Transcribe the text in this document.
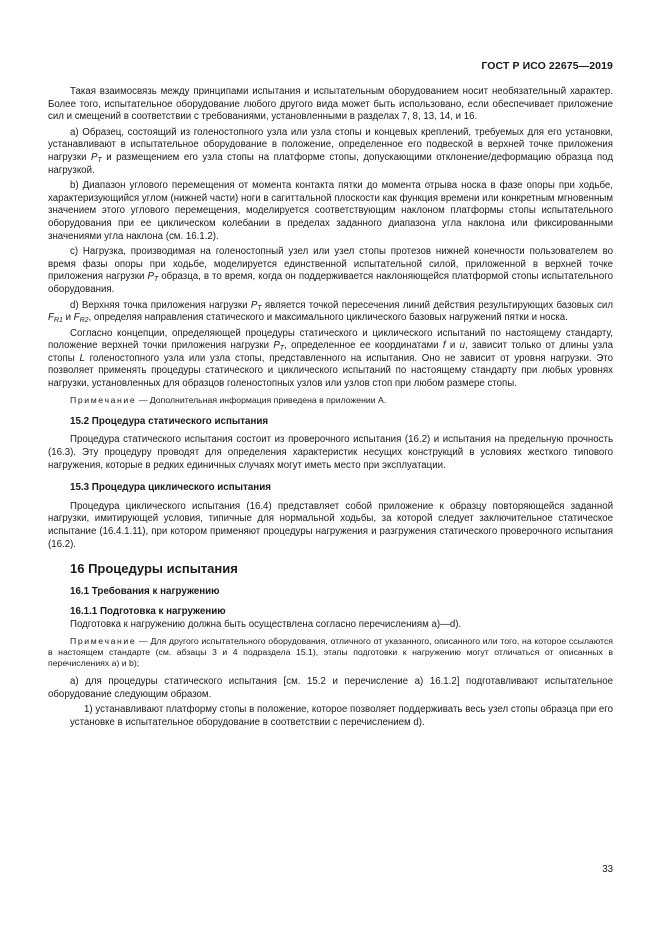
ГОСТ Р ИСО 22675—2019

Такая взаимосвязь между принципами испытания и испытательным оборудованием носит необязательный характер. Более того, испытательное оборудование любого другого вида может быть использовано, если обеспечивает приложение сил и смещений в соответствии с требованиями, установленными в разделах 7, 8, 13, 14, и 16.

a) Образец, состоящий из голеностопного узла или узла стопы и концевых креплений, требуемых для его установки, устанавливают в испытательное оборудование в положение, определенное его подвеской в верхней точке приложения нагрузки $P_T$ и размещением его узла стопы на платформе стопы, допускающими отклонение/деформацию образца под нагрузкой.

b) Диапазон углового перемещения от момента контакта пятки до момента отрыва носка в фазе опоры при ходьбе, характеризующийся углом (нижней части) ноги в сагиттальной плоскости как функция времени или конкретным мгновенным значением этого углового перемещения, моделируется соответствующим наклоном платформы стопы испытательного оборудования при ее циклическом колебании в пределах заданного диапазона угла наклона или фиксированными значениями угла наклона (см. 16.1.2).

c) Нагрузка, производимая на голеностопный узел или узел стопы протезов нижней конечности пользователем во время фазы опоры при ходьбе, моделируется единственной испытательной силой, приложенной в верхней точке приложения нагрузки $P_T$ образца, в то время, когда он поддерживается наклоняющейся платформой стопы испытательного оборудования.

d) Верхняя точка приложения нагрузки $P_T$ является точкой пересечения линий действия результирующих базовых сил $F_{R1}$ и $F_{R2}$, определяя направления статического и максимального циклического базовых нагружений пятки и носка.

Согласно концепции, определяющей процедуры статического и циклического испытаний по настоящему стандарту, положение верхней точки приложения нагрузки $P_T$, определенное ее координатами f и u, зависит только от длины узла стопы L голеностопного узла или узла стопы, представленного на испытания. Оно не зависит от уровня нагрузки. Это позволяет применять процедуры статического и циклического испытаний по настоящему стандарту при любых уровнях нагрузки, установленных для образцов голеностопных узлов или узлов стоп при любом размере стопы.

Примечание — Дополнительная информация приведена в приложении А.

15.2 Процедура статического испытания

Процедура статического испытания состоит из проверочного испытания (16.2) и испытания на предельную прочность (16.3). Эту процедуру проводят для определения характеристик несущих конструкций в условиях жесткого типового нагружения, которые в редких единичных случаях могут иметь место при эксплуатации.

15.3 Процедура циклического испытания

Процедура циклического испытания (16.4) представляет собой приложение к образцу повторяющейся заданной нагрузки, имитирующей условия, типичные для нормальной ходьбы, за которой следует заключительное статическое испытание (16.4.1.11), при котором применяют процедуры нагружения и разгружения статического проверочного испытания (16.2).

16 Процедуры испытания
16.1 Требования к нагружению
16.1.1 Подготовка к нагружению

Подготовка к нагружению должна быть осуществлена согласно перечислениям a)—d).

Примечание — Для другого испытательного оборудования, отличного от указанного, описанного или того, на которое ссылаются в настоящем стандарте (см. абзацы 3 и 4 подраздела 15.1), этапы подготовки к нагружению могут отличаться от описанных в перечислениях a) и b);

a) для процедуры статического испытания [см. 15.2 и перечисление a) 16.1.2] подготавливают испытательное оборудование следующим образом.

1) устанавливают платформу стопы в положение, которое позволяет поддерживать весь узел стопы образца при его установке в испытательное оборудование в соответствии с перечислением d).

33
